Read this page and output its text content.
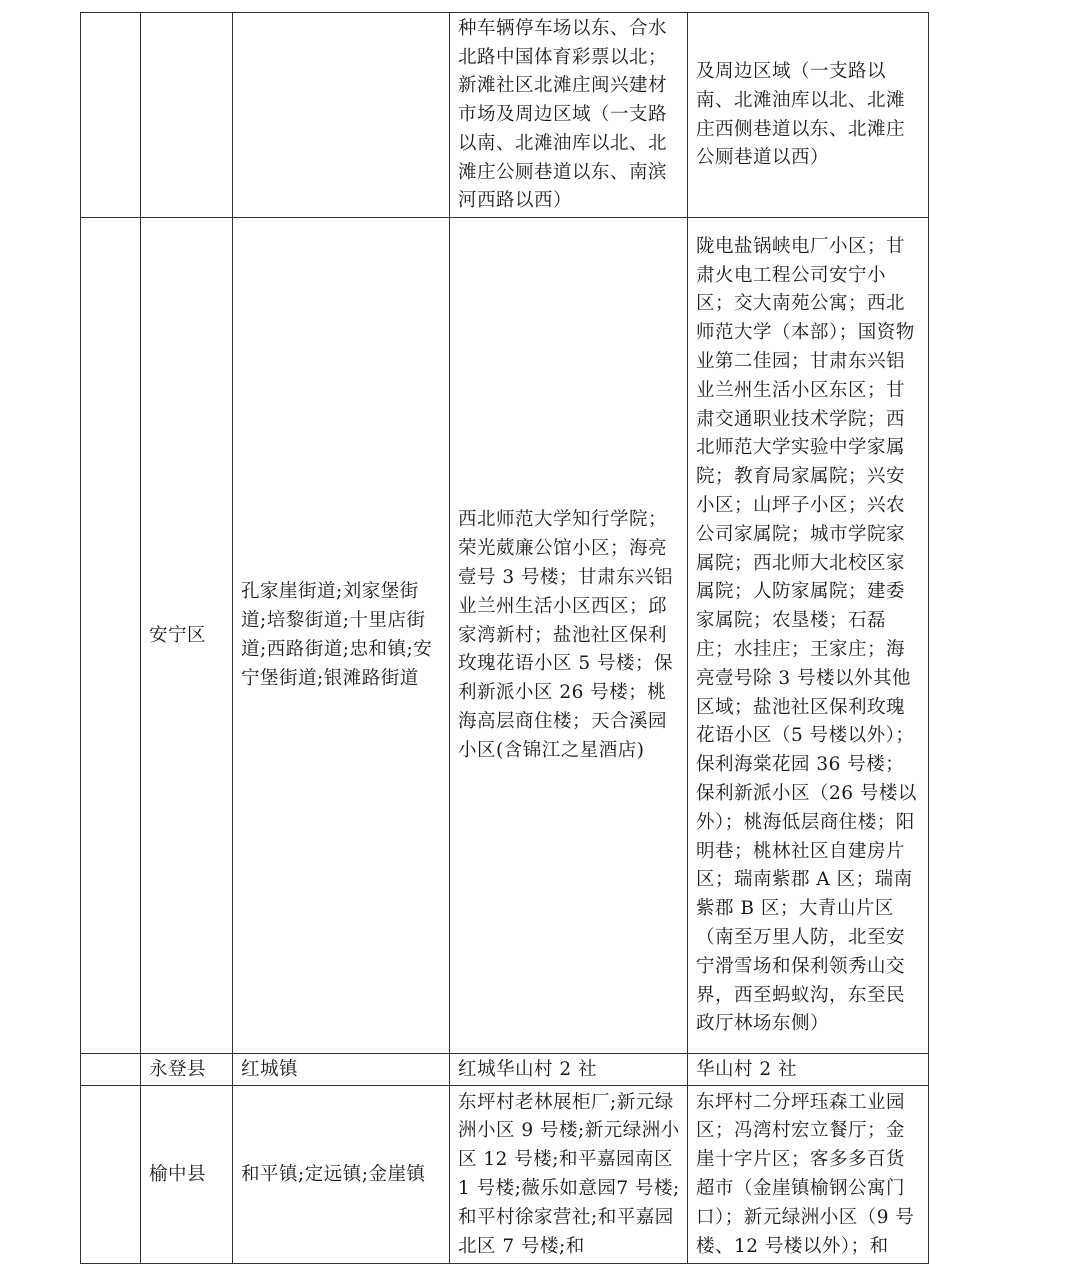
			种车辆停车场以东、合水北路中国体育彩票以北；新滩社区北滩庄闽兴建材市场及周边区域（一支路以南、北滩油库以北、北滩庄公厕巷道以东、南滨河西路以西）	及周边区域（一支路以南、北滩油库以北、北滩庄西侧巷道以东、北滩庄公厕巷道以西）
	安宁区	孔家崖街道;刘家堡街道;培黎街道;十里店街道;西路街道;忠和镇;安宁堡街道;银滩路街道	西北师范大学知行学院；荣光葳廉公馆小区；海亮壹号 3 号楼；甘肃东兴铝业兰州生活小区西区；邱家湾新村；盐池社区保利玫瑰花语小区 5 号楼；保利新派小区 26 号楼；桃海高层商住楼；天合溪园小区(含锦江之星酒店)	陇电盐锅峡电厂小区；甘肃火电工程公司安宁小区；交大南苑公寓；西北师范大学（本部）；国资物业第二佳园；甘肃东兴铝业兰州生活小区东区；甘肃交通职业技术学院；西北师范大学实验中学家属院；教育局家属院；兴安小区；山坪子小区；兴农公司家属院；城市学院家属院；西北师大北校区家属院；人防家属院；建委家属院；农垦楼；石磊庄；水挂庄；王家庄；海亮壹号除 3 号楼以外其他区域；盐池社区保利玫瑰花语小区（5 号楼以外）； 保利海棠花园 36 号楼；保利新派小区（26 号楼以外）；桃海低层商住楼；阳明巷；桃林社区自建房片区；瑞南紫郡 A 区；瑞南紫郡 B 区；大青山片区（南至万里人防，北至安宁滑雪场和保利领秀山交界，西至蚂蚁沟，东至民政厅林场东侧）
	永登县	红城镇	红城华山村 2 社	华山村 2 社
	榆中县	和平镇;定远镇;金崖镇	东坪村老林展柜厂;新元绿洲小区 9 号楼;新元绿洲小区 12 号楼;和平嘉园南区 1 号楼;薇乐如意园7 号楼;和平村徐家营社;和平嘉园北区 7 号楼;和	东坪村二分坪珏森工业园区；冯湾村宏立餐厅；金崖十字片区；客多多百货超市（金崖镇榆钢公寓门口）；新元绿洲小区（9 号楼、12 号楼以外）；和
